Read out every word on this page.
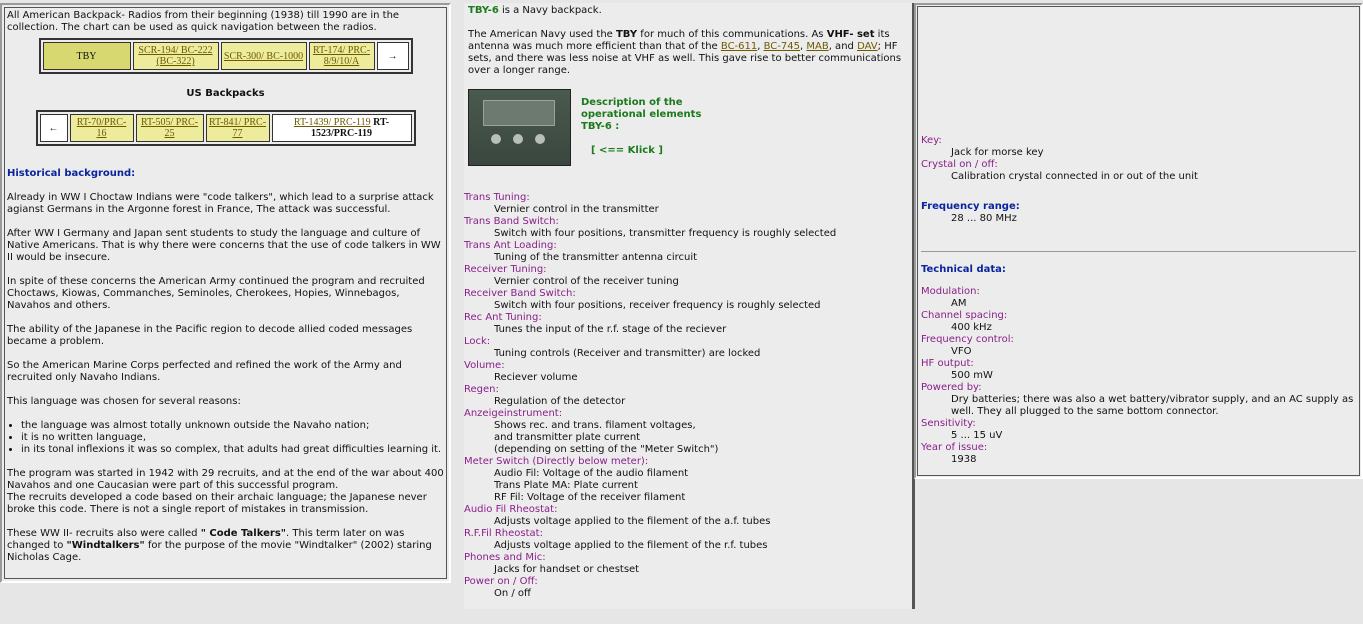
All American Backpack- Radios from their beginning (1938) till 1990 are in the collection. The chart can be used as quick navigation between the radios.

TBY	SCR-194/ BC-222 (BC-322)	SCR-300/ BC-1000	RT-174/ PRC-8/9/10/A	→
US Backpacks
←	RT-70/PRC-16	RT-505/ PRC-25	RT-841/ PRC-77	RT-1439/ PRC-119 RT-1523/PRC-119

Historical background:

Already in WW I Choctaw Indians were "code talkers", which lead to a surprise attack agianst Germans in the Argonne forest in France, The attack was successful.

After WW I Germany and Japan sent students to study the language and culture of Native Americans. That is why there were concerns that the use of code talkers in WW II would be insecure.

In spite of these concerns the American Army continued the program and recruited Choctaws, Kiowas, Commanches, Seminoles, Cherokees, Hopies, Winnebagos, Navahos and others.

The ability of the Japanese in the Pacific region to decode allied coded messages became a problem.

So the American Marine Corps perfected and refined the work of the Army and recruited only Navaho Indians.

This language was chosen for several reasons:

• the language was almost totally unknown outside the Navaho nation;
• it is no written language,
• in its tonal inflexions it was so complex, that adults had great difficulties learning it.

The program was started in 1942 with 29 recruits, and at the end of the war about 400 Navahos and one Caucasian were part of this successful program.
The recruits developed a code based on their archaic language; the Japanese never broke this code. There is not a single report of mistakes in transmission.

These WW II- recruits also were called " Code Talkers". This term later on was changed to "Windtalkers" for the purpose of the movie "Windtalker" (2002) staring Nicholas Cage.

TBY-6 is a Navy backpack.

The American Navy used the TBY for much of this communications. As VHF- set its antenna was much more efficient than that of the BC-611, BC-745, MAB, and DAV; HF sets, and there was less noise at VHF as well. This gave rise to better communications over a longer range.

Description of the operational elements TBY-6 :
[ <== Klick ]
Trans Tuning:
Vernier control in the transmitter
Trans Band Switch:
Switch with four positions, transmitter frequency is roughly selected
Trans Ant Loading:
Tuning of the transmitter antenna circuit
Receiver Tuning:
Vernier control of the receiver tuning
Receiver Band Switch:
Switch with four positions, receiver frequency is roughly selected
Rec Ant Tuning:
Tunes the input of the r.f. stage of the reciever
Lock:
Tuning controls (Receiver and transmitter) are locked
Volume:
Reciever volume
Regen:
Regulation of the detector
Anzeigeinstrument:
Shows rec. and trans. filament voltages,
and transmitter plate current
(depending on setting of the "Meter Switch")
Meter Switch (Directly below meter):
Audio Fil: Voltage of the audio filament
Trans Plate MA: Plate current
RF Fil: Voltage of the receiver filament
Audio Fil Rheostat:
Adjusts voltage applied to the filement of the a.f. tubes
R.F.Fil Rheostat:
Adjusts voltage applied to the filement of the r.f. tubes
Phones and Mic:
Jacks for handset or chestset
Power on / Off:
On / off
Key:
Jack for morse key
Crystal on / off:
Calibration crystal connected in or out of the unit
Frequency range:
28 ... 80 MHz
Technical data:
Modulation:
AM
Channel spacing:
400 kHz
Frequency control:
VFO
HF output:
500 mW
Powered by:
Dry batteries; there was also a wet battery/vibrator supply, and an AC supply as well. They all plugged to the same bottom connector.
Sensitivity:
5 ... 15 uV
Year of issue:
1938
